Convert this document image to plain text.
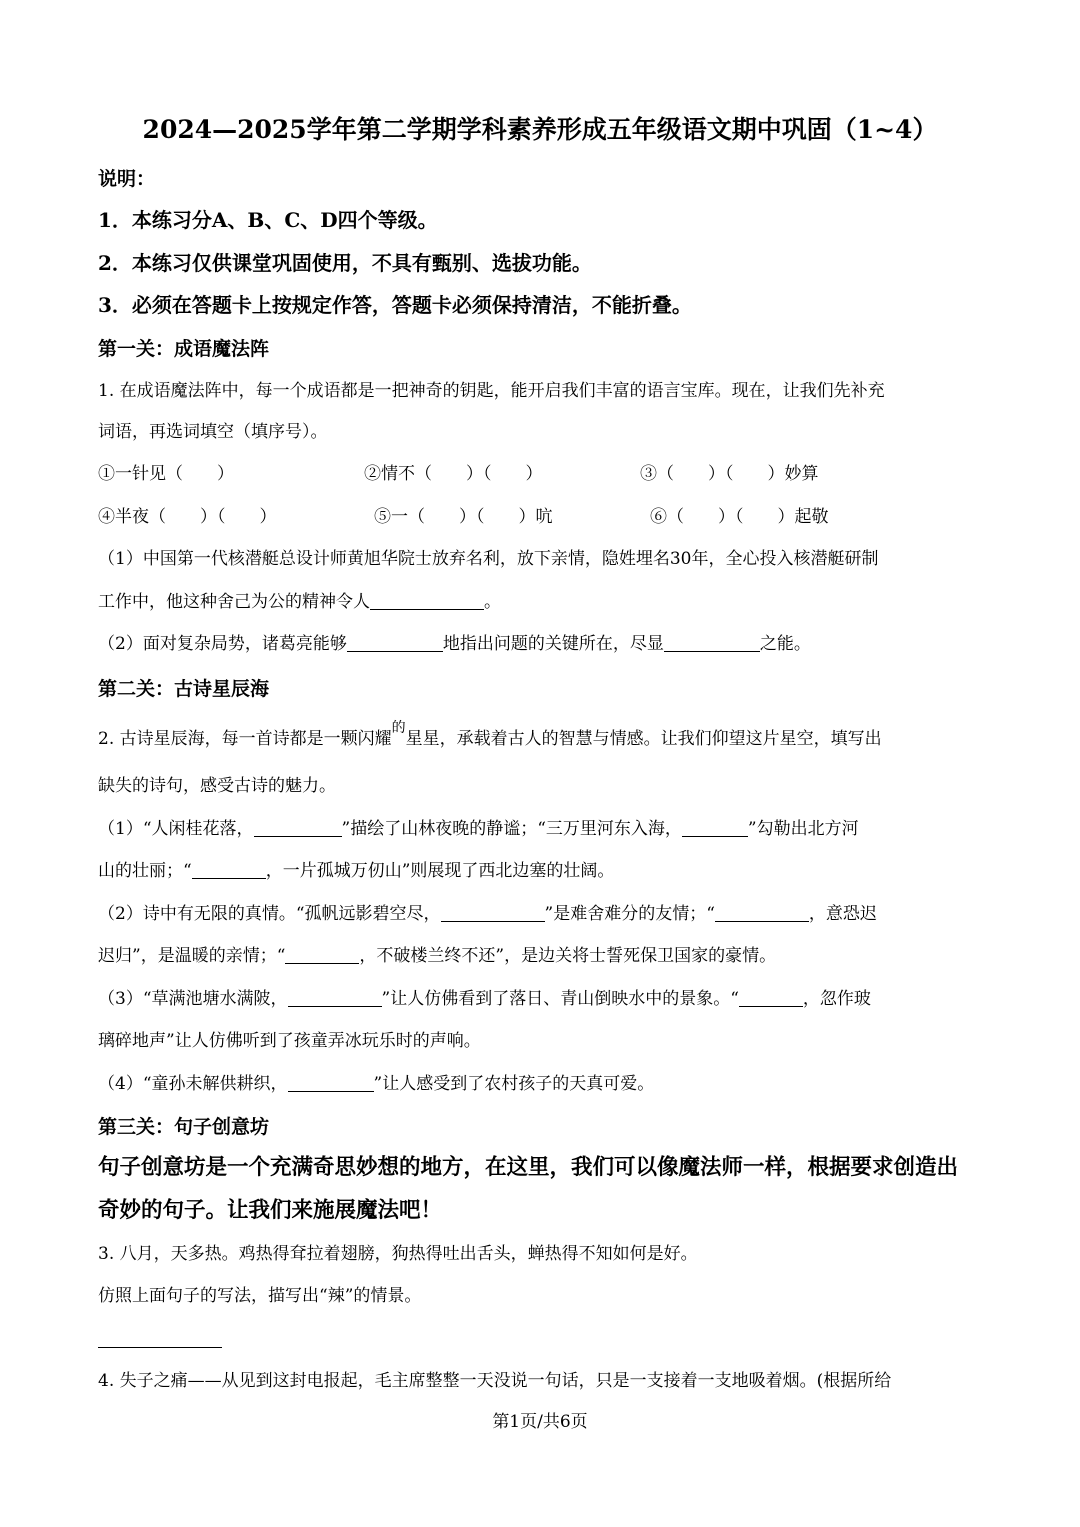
2024—2025学年第二学期学科素养形成五年级语文期中巩固（1~4）
说明：
1．本练习分A、B、C、D四个等级。
2．本练习仅供课堂巩固使用，不具有甄别、选拔功能。
3．必须在答题卡上按规定作答，答题卡必须保持清洁，不能折叠。
第一关：成语魔法阵
1. 在成语魔法阵中，每一个成语都是一把神奇的钥匙，能开启我们丰富的语言宝库。现在，让我们先补充
词语，再选词填空（填序号）。
①一针见（　　）	②情不（　　）（　　）	③（　　）（　　）妙算
④半夜（　　）（　　）	⑤一（　　）（　　）吭	⑥（　　）（　　）起敬
（1）中国第一代核潜艇总设计师黄旭华院士放弃名利，放下亲情，隐姓埋名30年，全心投入核潜艇研制
工作中，他这种舍己为公的精神令人	。
（2）面对复杂局势，诸葛亮能够	地指出问题的关键所在，尽显	之能。
第二关：古诗星辰海
2. 古诗星辰海，每一首诗都是一颗闪耀$^的$星星，承载着古人的智慧与情感。让我们仰望这片星空，填写出
缺失的诗句，感受古诗的魅力。
（1）“人闲桂花落，	”描绘了山林夜晚的静谧；“三万里河东入海，	”勾勒出北方河
山的壮丽；“	，一片孤城万仞山”则展现了西北边塞的壮阔。
（2）诗中有无限的真情。“孤帆远影碧空尽，	”是难舍难分的友情；“	，意恐迟
迟归”，是温暖的亲情；“	，不破楼兰终不还”，是边关将士誓死保卫国家的豪情。
（3）“草满池塘水满陂，	”让人仿佛看到了落日、青山倒映水中的景象。“	，忽作玻
璃碎地声”让人仿佛听到了孩童弄冰玩乐时的声响。
（4）“童孙未解供耕织，	”让人感受到了农村孩子的天真可爱。
第三关：句子创意坊
句子创意坊是一个充满奇思妙想的地方，在这里，我们可以像魔法师一样，根据要求创造出
奇妙的句子。让我们来施展魔法吧！
3. 八月，天多热。鸡热得耷拉着翅膀，狗热得吐出舌头，蝉热得不知如何是好。
仿照上面句子的写法，描写出“辣”的情景。
4. 失子之痛——从见到这封电报起，毛主席整整一天没说一句话，只是一支接着一支地吸着烟。(根据所给
第1页/共6页
